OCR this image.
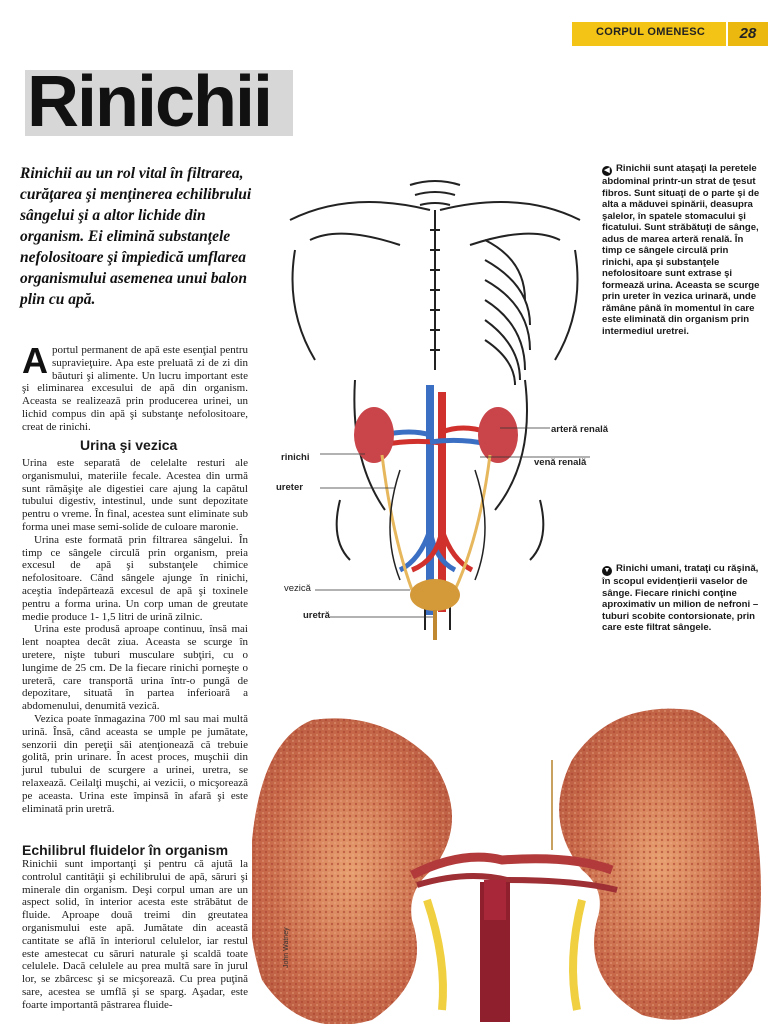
CORPUL OMENESC	28
Rinichii
Rinichii au un rol vital în filtrarea, curăţarea şi menţinerea echilibrului sângelui şi a altor lichide din organism. Ei elimină substanţele nefolositoare şi împiedică umflarea organismului asemenea unui balon plin cu apă.
A portul permanent de apă este esenţial pentru supravieţuire. Apa este preluată zi de zi din băuturi şi alimente. Un lucru important este şi eliminarea excesului de apă din organism. Aceasta se realizează prin producerea urinei, un lichid compus din apă şi substanţe nefolositoare, creat de rinichi.

Urina şi vezica

Urina este separată de celelalte resturi ale organismului, materiile fecale. Acestea din urmă sunt rămăşiţe ale digestiei care ajung la capătul tubului digestiv, intestinul, unde sunt depozitate pentru o vreme. În final, acestea sunt eliminate sub forma unei mase semi-solide de culoare maronie.

Urina este formată prin filtrarea sângelui. În timp ce sângele circulă prin organism, preia excesul de apă şi substanţele chimice nefolositoare. Când sângele ajunge în rinichi, aceştia îndepărtează excesul de apă şi toxinele pentru a forma urina. Un corp uman de greutate medie produce 1- 1,5 litri de urină zilnic.

Urina este produsă aproape continuu, însă mai lent noaptea decât ziua. Aceasta se scurge în uretere, nişte tuburi musculare subţiri, cu o lungime de 25 cm. De la fiecare rinichi porneşte o ureteră, care transportă urina într-o pungă de depozitare, situată în partea inferioară a abdomenului, denumită vezică.

Vezica poate înmagazina 700 ml sau mai multă urină. Însă, când aceasta se umple pe jumătate, senzorii din pereţii săi atenţionează că trebuie golită, prin urinare. În acest proces, muşchii din jurul tubului de scurgere a urinei, uretra, se relaxează. Ceilalţi muşchi, ai vezicii, o micşorează pe aceasta. Urina este împinsă în afară şi este eliminată prin uretră.

Echilibrul fluidelor în organism

Rinichii sunt importanţi şi pentru că ajută la controlul cantităţii şi echilibrului de apă, săruri şi minerale din organism. Deşi corpul uman are un aspect solid, în interior acesta este străbătut de fluide. Aproape două treimi din greutatea organismului este apă. Jumătate din această cantitate se află în interiorul celulelor, iar restul este amestecat cu săruri naturale şi scaldă toate celulele. Dacă celulele au prea multă sare în jurul lor, se zbârcesc şi se micşorează. Cu prea puţină sare, acestea se umflă şi se sparg. Aşadar, este foarte importantă păstrarea fluide-

◀ Rinichii sunt ataşaţi la peretele abdominal printr-un strat de ţesut fibros. Sunt situaţi de o parte şi de alta a măduvei spinării, deasupra şalelor, în spatele stomacului şi ficatului. Sunt străbătuţi de sânge, adus de marea arteră renală. În timp ce sângele circulă prin rinichi, apa şi substanţele nefolositoare sunt extrase şi formează urina. Aceasta se scurge prin ureter în vezica urinară, unde rămâne până în momentul în care este eliminată din organism prin intermediul uretrei.
▼ Rinichi umani, trataţi cu răşină, în scopul evidenţierii vaselor de sânge. Fiecare rinichi conţine aproximativ un milion de nefroni – tuburi scobite contorsionate, prin care este filtrat sângele.
arteră renală
venă renală
rinichi
ureter
vezică
uretră
John Watney
